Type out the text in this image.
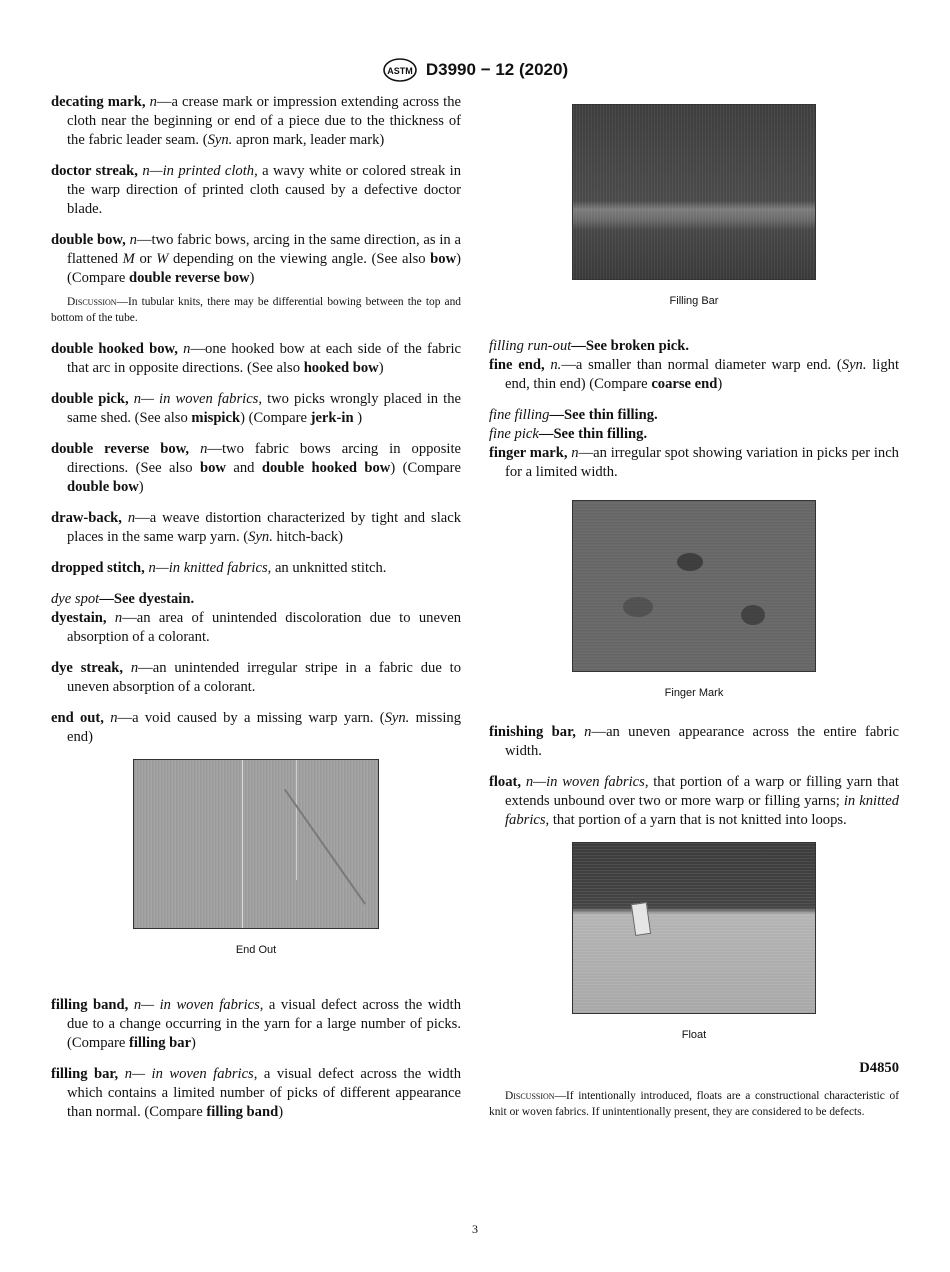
ASTM D3990 − 12 (2020)

decating mark, n—a crease mark or impression extending across the cloth near the beginning or end of a piece due to the thickness of the fabric leader seam. (Syn. apron mark, leader mark)

doctor streak, n—in printed cloth, a wavy white or colored streak in the warp direction of printed cloth caused by a defective doctor blade.

double bow, n—two fabric bows, arcing in the same direction, as in a flattened M or W depending on the viewing angle. (See also bow) (Compare double reverse bow)

Discussion—In tubular knits, there may be differential bowing between the top and bottom of the tube.

double hooked bow, n—one hooked bow at each side of the fabric that arc in opposite directions. (See also hooked bow)

double pick, n— in woven fabrics, two picks wrongly placed in the same shed. (See also mispick) (Compare jerk-in )

double reverse bow, n—two fabric bows arcing in opposite directions. (See also bow and double hooked bow) (Compare double bow)

draw-back, n—a weave distortion characterized by tight and slack places in the same warp yarn. (Syn. hitch-back)

dropped stitch, n—in knitted fabrics, an unknitted stitch.

dye spot—See dyestain.

dyestain, n—an area of unintended discoloration due to uneven absorption of a colorant.

dye streak, n—an unintended irregular stripe in a fabric due to uneven absorption of a colorant.

end out, n—a void caused by a missing warp yarn. (Syn. missing end)

End Out

filling band, n— in woven fabrics, a visual defect across the width due to a change occurring in the yarn for a large number of picks. (Compare filling bar)

filling bar, n— in woven fabrics, a visual defect across the width which contains a limited number of picks of different appearance than normal. (Compare filling band)

Filling Bar

filling run-out—See broken pick.

fine end, n.—a smaller than normal diameter warp end. (Syn. light end, thin end) (Compare coarse end)

fine filling—See thin filling.

fine pick—See thin filling.

finger mark, n—an irregular spot showing variation in picks per inch for a limited width.

Finger Mark

finishing bar, n—an uneven appearance across the entire fabric width.

float, n—in woven fabrics, that portion of a warp or filling yarn that extends unbound over two or more warp or filling yarns; in knitted fabrics, that portion of a yarn that is not knitted into loops.

Float
D4850

Discussion—If intentionally introduced, floats are a constructional characteristic of knit or woven fabrics. If unintentionally present, they are considered to be defects.

3
